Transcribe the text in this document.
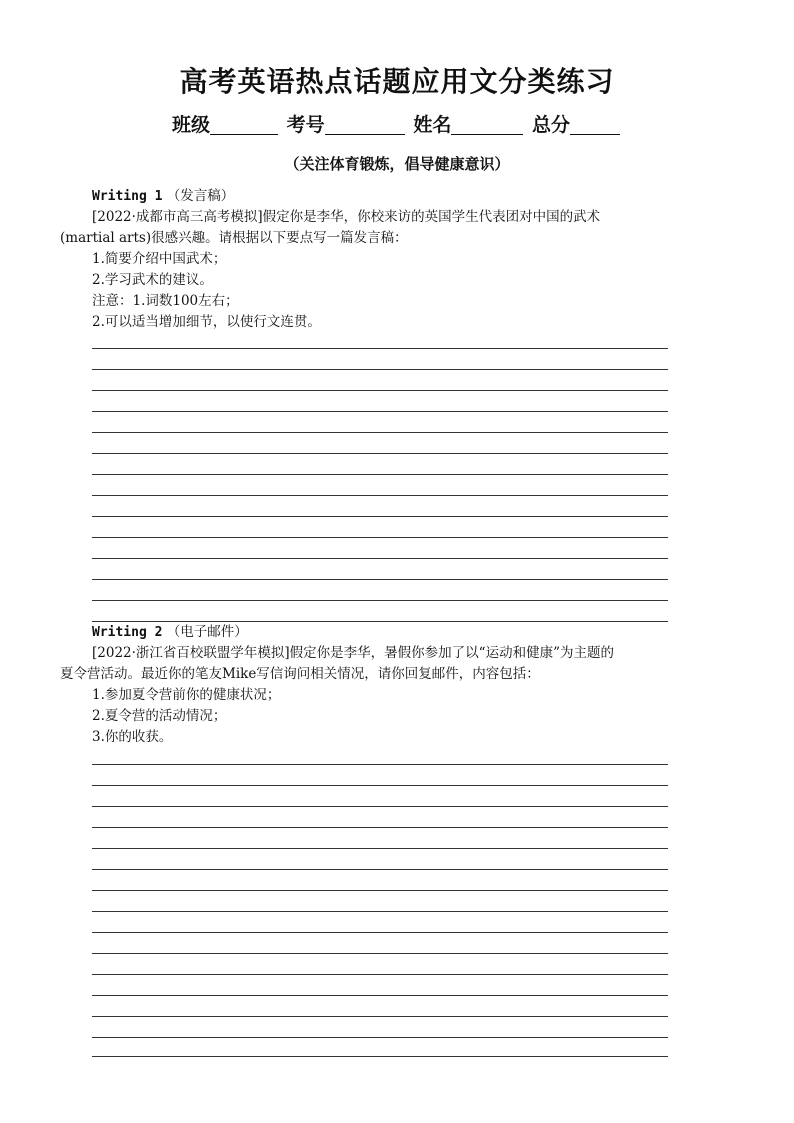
高考英语热点话题应用文分类练习
班级	考号	姓名	总分
（关注体育锻炼，倡导健康意识）
Writing 1 （发言稿）
[2022·成都市高三高考模拟]假定你是李华，你校来访的英国学生代表团对中国的武术
(martial arts)很感兴趣。请根据以下要点写一篇发言稿：
1.简要介绍中国武术；
2.学习武术的建议。
注意：1.词数100左右；
2.可以适当增加细节，以使行文连贯。
Writing 2 （电子邮件）
[2022·浙江省百校联盟学年模拟]假定你是李华，暑假你参加了以“运动和健康”为主题的
夏令营活动。最近你的笔友Mike写信询问相关情况，请你回复邮件，内容包括：
1.参加夏令营前你的健康状况；
2.夏令营的活动情况；
3.你的收获。
